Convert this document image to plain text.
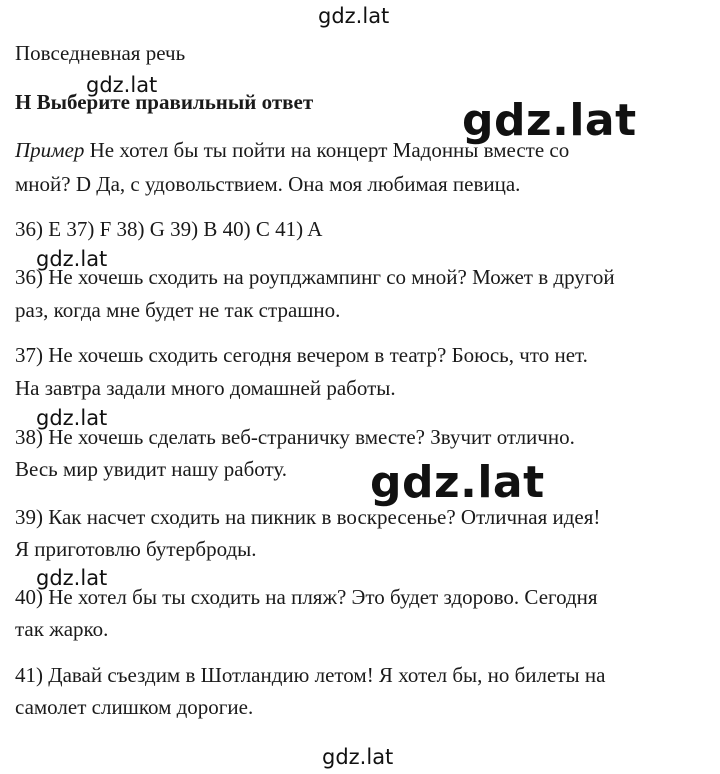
Повседневная речь
H Выберите правильный ответ
Пример Не хотел бы ты пойти на концерт Мадонны вместе со
мной? D Да, с удовольствием. Она моя любимая певица.
36) E 37) F 38) G 39) B 40) C 41) A
36) Не хочешь сходить на роупджампинг со мной? Может в другой
раз, когда мне будет не так страшно.
37) Не хочешь сходить сегодня вечером в театр? Боюсь, что нет.
На завтра задали много домашней работы.
38) Не хочешь сделать веб-страничку вместе? Звучит отлично.
Весь мир увидит нашу работу.
39) Как насчет сходить на пикник в воскресенье? Отличная идея!
Я приготовлю бутерброды.
40) Не хотел бы ты сходить на пляж? Это будет здорово. Сегодня
так жарко.
41) Давай съездим в Шотландию летом! Я хотел бы, но билеты на
самолет слишком дорогие.
gdz.lat
gdz.lat
gdz.lat
gdz.lat
gdz.lat
gdz.lat
gdz.lat
gdz.lat
